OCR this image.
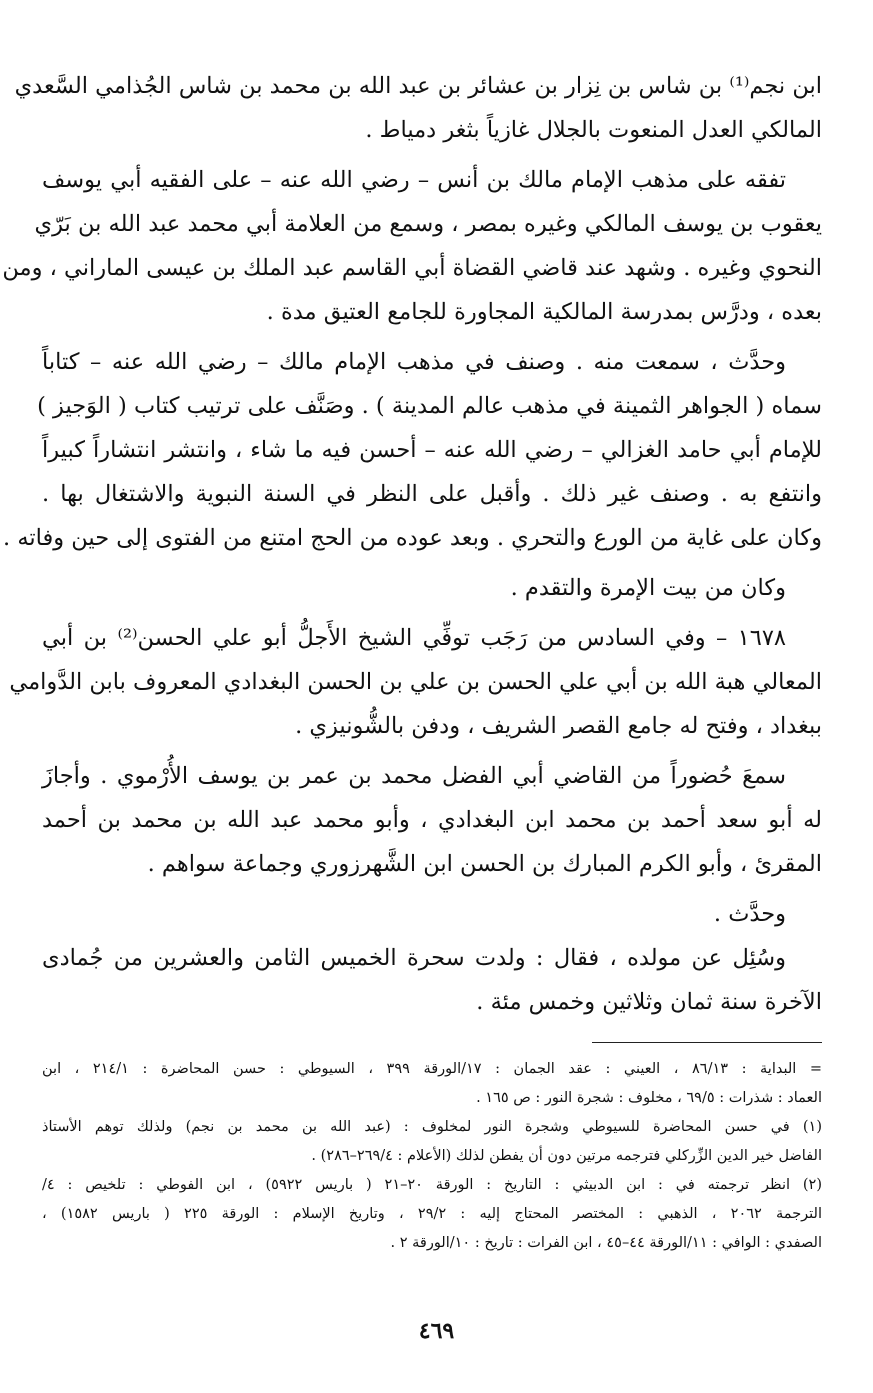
ابن نجم⁽¹⁾ بن شاس بن نِزار بن عشائر بن عبد الله بن محمد بن شاس الجُذامي السَّعدي
المالكي العدل المنعوت بالجلال غازياً بثغر دمياط .
تفقه على مذهب الإمام مالك بن أنس – رضي الله عنه – على الفقيه أبي يوسف
يعقوب بن يوسف المالكي وغيره بمصر ، وسمع من العلامة أبي محمد عبد الله بن بَرّي
النحوي وغيره . وشهد عند قاضي القضاة أبي القاسم عبد الملك بن عيسى الماراني ، ومن
بعده ، ودرَّس بمدرسة المالكية المجاورة للجامع العتيق مدة .
وحدَّث ، سمعت منه . وصنف في مذهب الإمام مالك – رضي الله عنه – كتاباً
سماه ( الجواهر الثمينة في مذهب عالم المدينة ) . وصَنَّف على ترتيب كتاب ( الوَجيز )
للإمام أبي حامد الغزالي – رضي الله عنه – أحسن فيه ما شاء ، وانتشر انتشاراً كبيراً
وانتفع به . وصنف غير ذلك . وأقبل على النظر في السنة النبوية والاشتغال بها .
وكان على غاية من الورع والتحري . وبعد عوده من الحج امتنع من الفتوى إلى حين وفاته .
وكان من بيت الإمرة والتقدم .
١٦٧٨ – وفي السادس من رَجَب توفِّي الشيخ الأَجلُّ أبو علي الحسن⁽²⁾ بن أبي
المعالي هبة الله بن أبي علي الحسن بن علي بن الحسن البغدادي المعروف بابن الدَّوامي
ببغداد ، وفتح له جامع القصر الشريف ، ودفن بالشُّونيزي .
سمعَ حُضوراً من القاضي أبي الفضل محمد بن عمر بن يوسف الأُرْموي . وأجازَ
له أبو سعد أحمد بن محمد ابن البغدادي ، وأبو محمد عبد الله بن محمد بن أحمد
المقرئ ، وأبو الكرم المبارك بن الحسن ابن الشَّهرزوري وجماعة سواهم .
وحدَّث .
وسُئِل عن مولده ، فقال : ولدت سحرة الخميس الثامن والعشرين من جُمادى
الآخرة سنة ثمان وثلاثين وخمس مئة .
= البداية : ٨٦/١٣ ، العيني : عقد الجمان : ١٧/الورقة ٣٩٩ ، السيوطي : حسن المحاضرة : ٢١٤/١ ، ابن
العماد : شذرات : ٦٩/٥ ، مخلوف : شجرة النور : ص ١٦٥ .
(١) في حسن المحاضرة للسيوطي وشجرة النور لمخلوف : (عبد الله بن محمد بن نجم) ولذلك توهم الأستاذ
الفاضل خير الدين الزِّركلي فترجمه مرتين دون أن يفطن لذلك (الأعلام : ٢٦٩/٤–٢٨٦) .
(٢) انظر ترجمته في : ابن الدبيثي : التاريخ : الورقة ٢٠–٢١ ( باريس ٥٩٢٢) ، ابن الفوطي : تلخيص : ٤/
الترجمة ٢٠٦٢ ، الذهبي : المختصر المحتاج إليه : ٢٩/٢ ، وتاريخ الإسلام : الورقة ٢٢٥ ( باريس ١٥٨٢) ،
الصفدي : الوافي : ١١/الورقة ٤٤–٤٥ ، ابن الفرات : تاريخ : ١٠/الورقة ٢ .
٤٦٩
